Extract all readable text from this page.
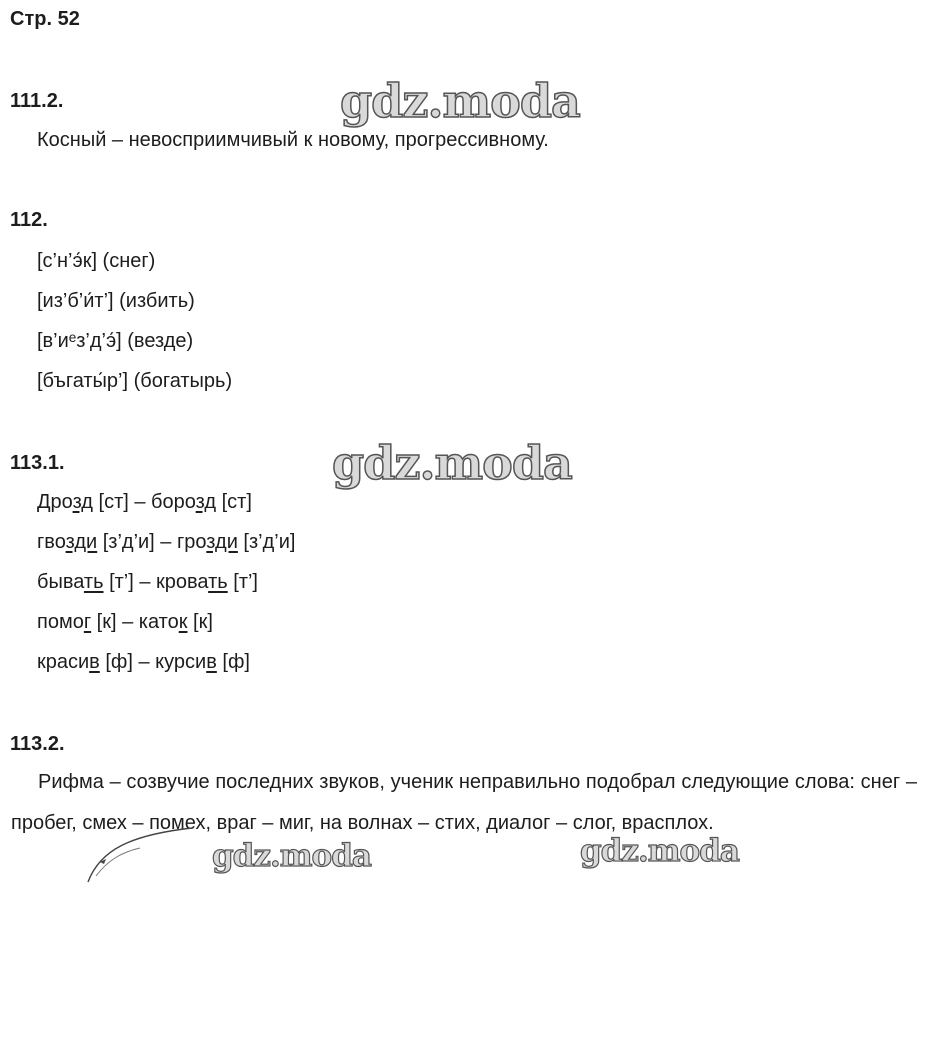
Стр. 52
111.2.
Косный – невосприимчивый к новому, прогрессивному.
112.
[с’н’э́к] (снег)
[из’б’и́т’] (избить)
[в’иᵉз’д’э́] (везде)
[бъгаты́р’] (богатырь)
113.1.
Дрозд [ст] – борозд [ст]
гвозди [з’д’и] – грозди [з’д’и]
бывать [т’] – кровать [т’]
помог [к] – каток [к]
красив [ф] – курсив [ф]
113.2.
Рифма – созвучие последних звуков, ученик неправильно подобрал следующие слова: снег – пробег, смех – помех, враг – миг, на волнах – стих, диалог – слог, врасплох.
gdz.moda
gdz.moda
gdz.moda	gdz.moda
